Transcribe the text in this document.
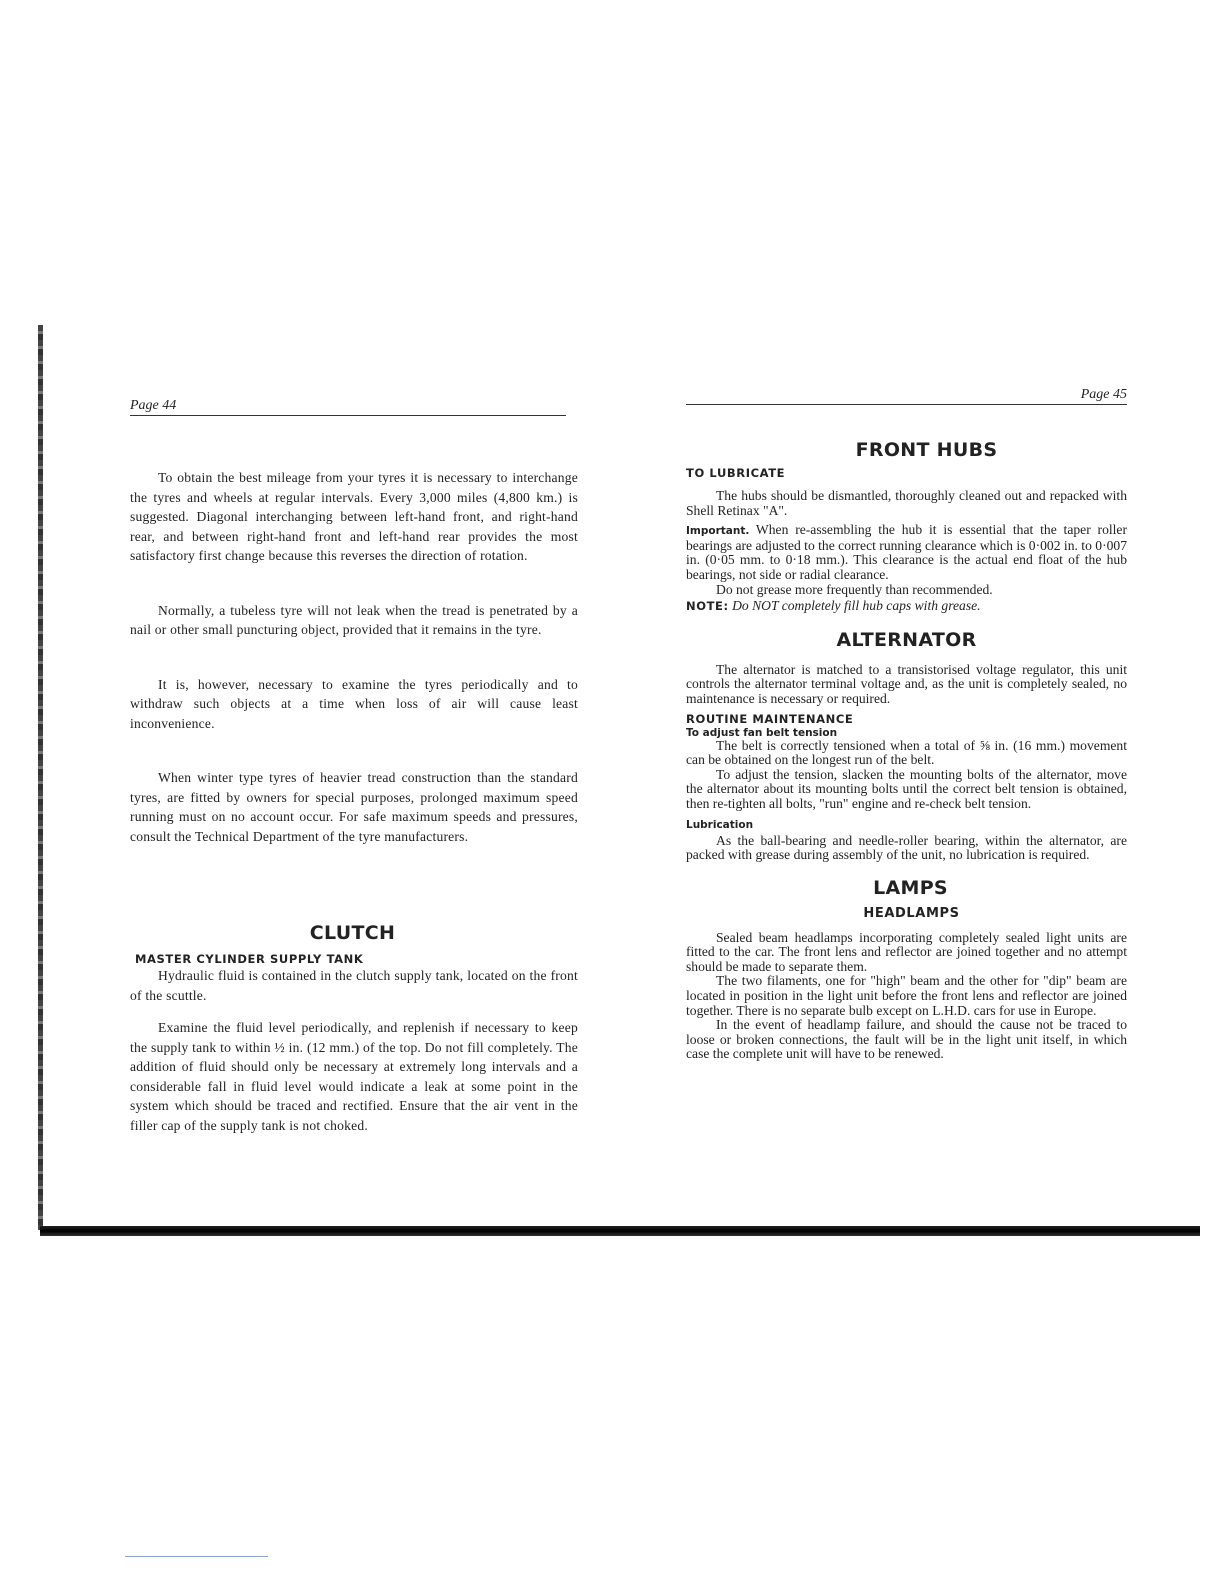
Page 44

To obtain the best mileage from your tyres it is necessary to interchange the tyres and wheels at regular intervals. Every 3,000 miles (4,800 km.) is suggested. Diagonal interchanging between left-hand front, and right-hand rear, and between right-hand front and left-hand rear provides the most satisfactory first change because this reverses the direction of rotation.

Normally, a tubeless tyre will not leak when the tread is penetrated by a nail or other small puncturing object, provided that it remains in the tyre.

It is, however, necessary to examine the tyres periodically and to withdraw such objects at a time when loss of air will cause least inconvenience.

When winter type tyres of heavier tread construction than the standard tyres, are fitted by owners for special purposes, prolonged maximum speed running must on no account occur. For safe maximum speeds and pressures, consult the Technical Department of the tyre manufacturers.

CLUTCH
MASTER CYLINDER SUPPLY TANK

Hydraulic fluid is contained in the clutch supply tank, located on the front of the scuttle.

Examine the fluid level periodically, and replenish if necessary to keep the supply tank to within ½ in. (12 mm.) of the top. Do not fill completely. The addition of fluid should only be necessary at extremely long intervals and a considerable fall in fluid level would indicate a leak at some point in the system which should be traced and rectified. Ensure that the air vent in the filler cap of the supply tank is not choked.

Page 45
FRONT HUBS
TO LUBRICATE

The hubs should be dismantled, thoroughly cleaned out and repacked with Shell Retinax "A".

Important. When re-assembling the hub it is essential that the taper roller bearings are adjusted to the correct running clearance which is 0·002 in. to 0·007 in. (0·05 mm. to 0·18 mm.). This clearance is the actual end float of the hub bearings, not side or radial clearance.

Do not grease more frequently than recommended.

NOTE: Do NOT completely fill hub caps with grease.

ALTERNATOR

The alternator is matched to a transistorised voltage regulator, this unit controls the alternator terminal voltage and, as the unit is completely sealed, no maintenance is necessary or required.

ROUTINE MAINTENANCE
To adjust fan belt tension

The belt is correctly tensioned when a total of ⅝ in. (16 mm.) movement can be obtained on the longest run of the belt.

To adjust the tension, slacken the mounting bolts of the alternator, move the alternator about its mounting bolts until the correct belt tension is obtained, then re-tighten all bolts, "run" engine and re-check belt tension.

Lubrication

As the ball-bearing and needle-roller bearing, within the alternator, are packed with grease during assembly of the unit, no lubrication is required.

LAMPS
HEADLAMPS

Sealed beam headlamps incorporating completely sealed light units are fitted to the car. The front lens and reflector are joined together and no attempt should be made to separate them.

The two filaments, one for "high" beam and the other for "dip" beam are located in position in the light unit before the front lens and reflector are joined together. There is no separate bulb except on L.H.D. cars for use in Europe.

In the event of headlamp failure, and should the cause not be traced to loose or broken connections, the fault will be in the light unit itself, in which case the complete unit will have to be renewed.
